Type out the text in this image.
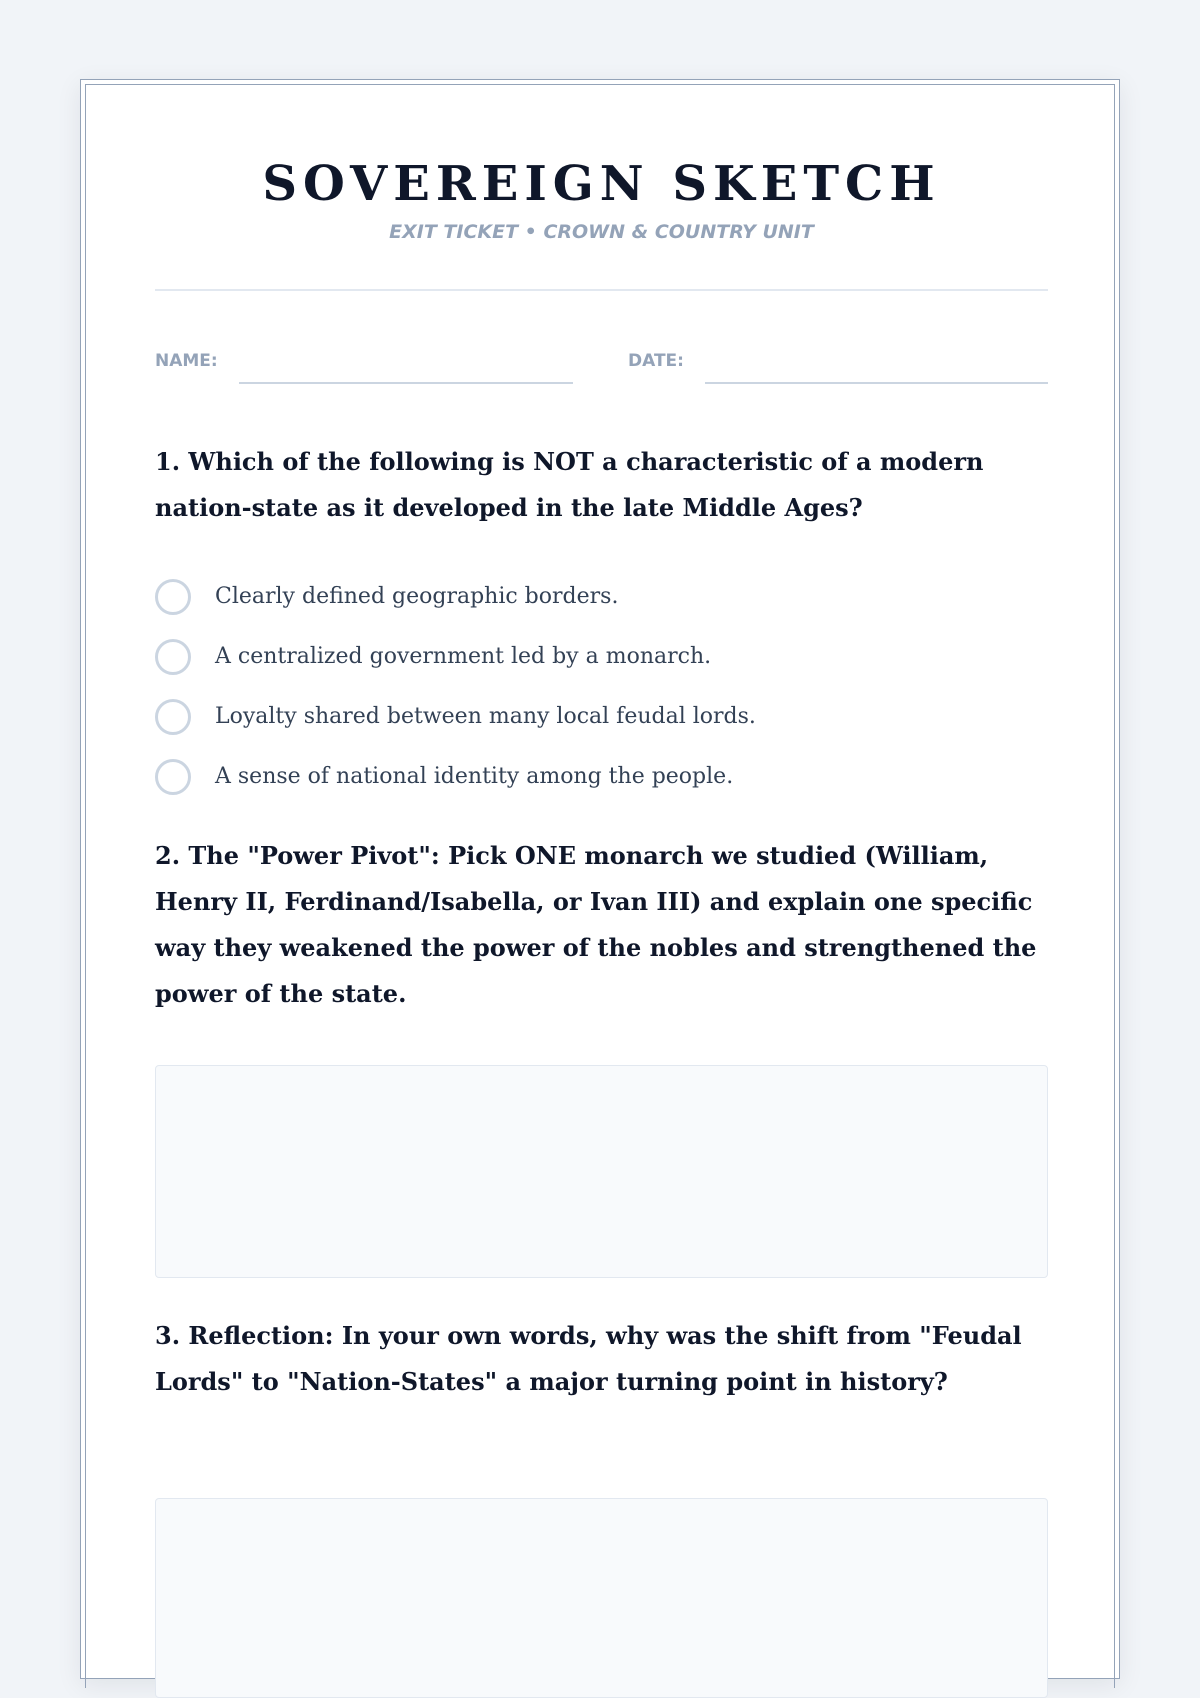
SOVEREIGN SKETCH
EXIT TICKET • CROWN & COUNTRY UNIT
NAME:	DATE:

1. Which of the following is NOT a characteristic of a modern nation-state as it developed in the late Middle Ages?

Clearly defined geographic borders.
A centralized government led by a monarch.
Loyalty shared between many local feudal lords.
A sense of national identity among the people.

2. The "Power Pivot": Pick ONE monarch we studied (William, Henry II, Ferdinand/Isabella, or Ivan III) and explain one specific way they weakened the power of the nobles and strengthened the power of the state.

3. Reflection: In your own words, why was the shift from "Feudal Lords" to "Nation-States" a major turning point in history?
